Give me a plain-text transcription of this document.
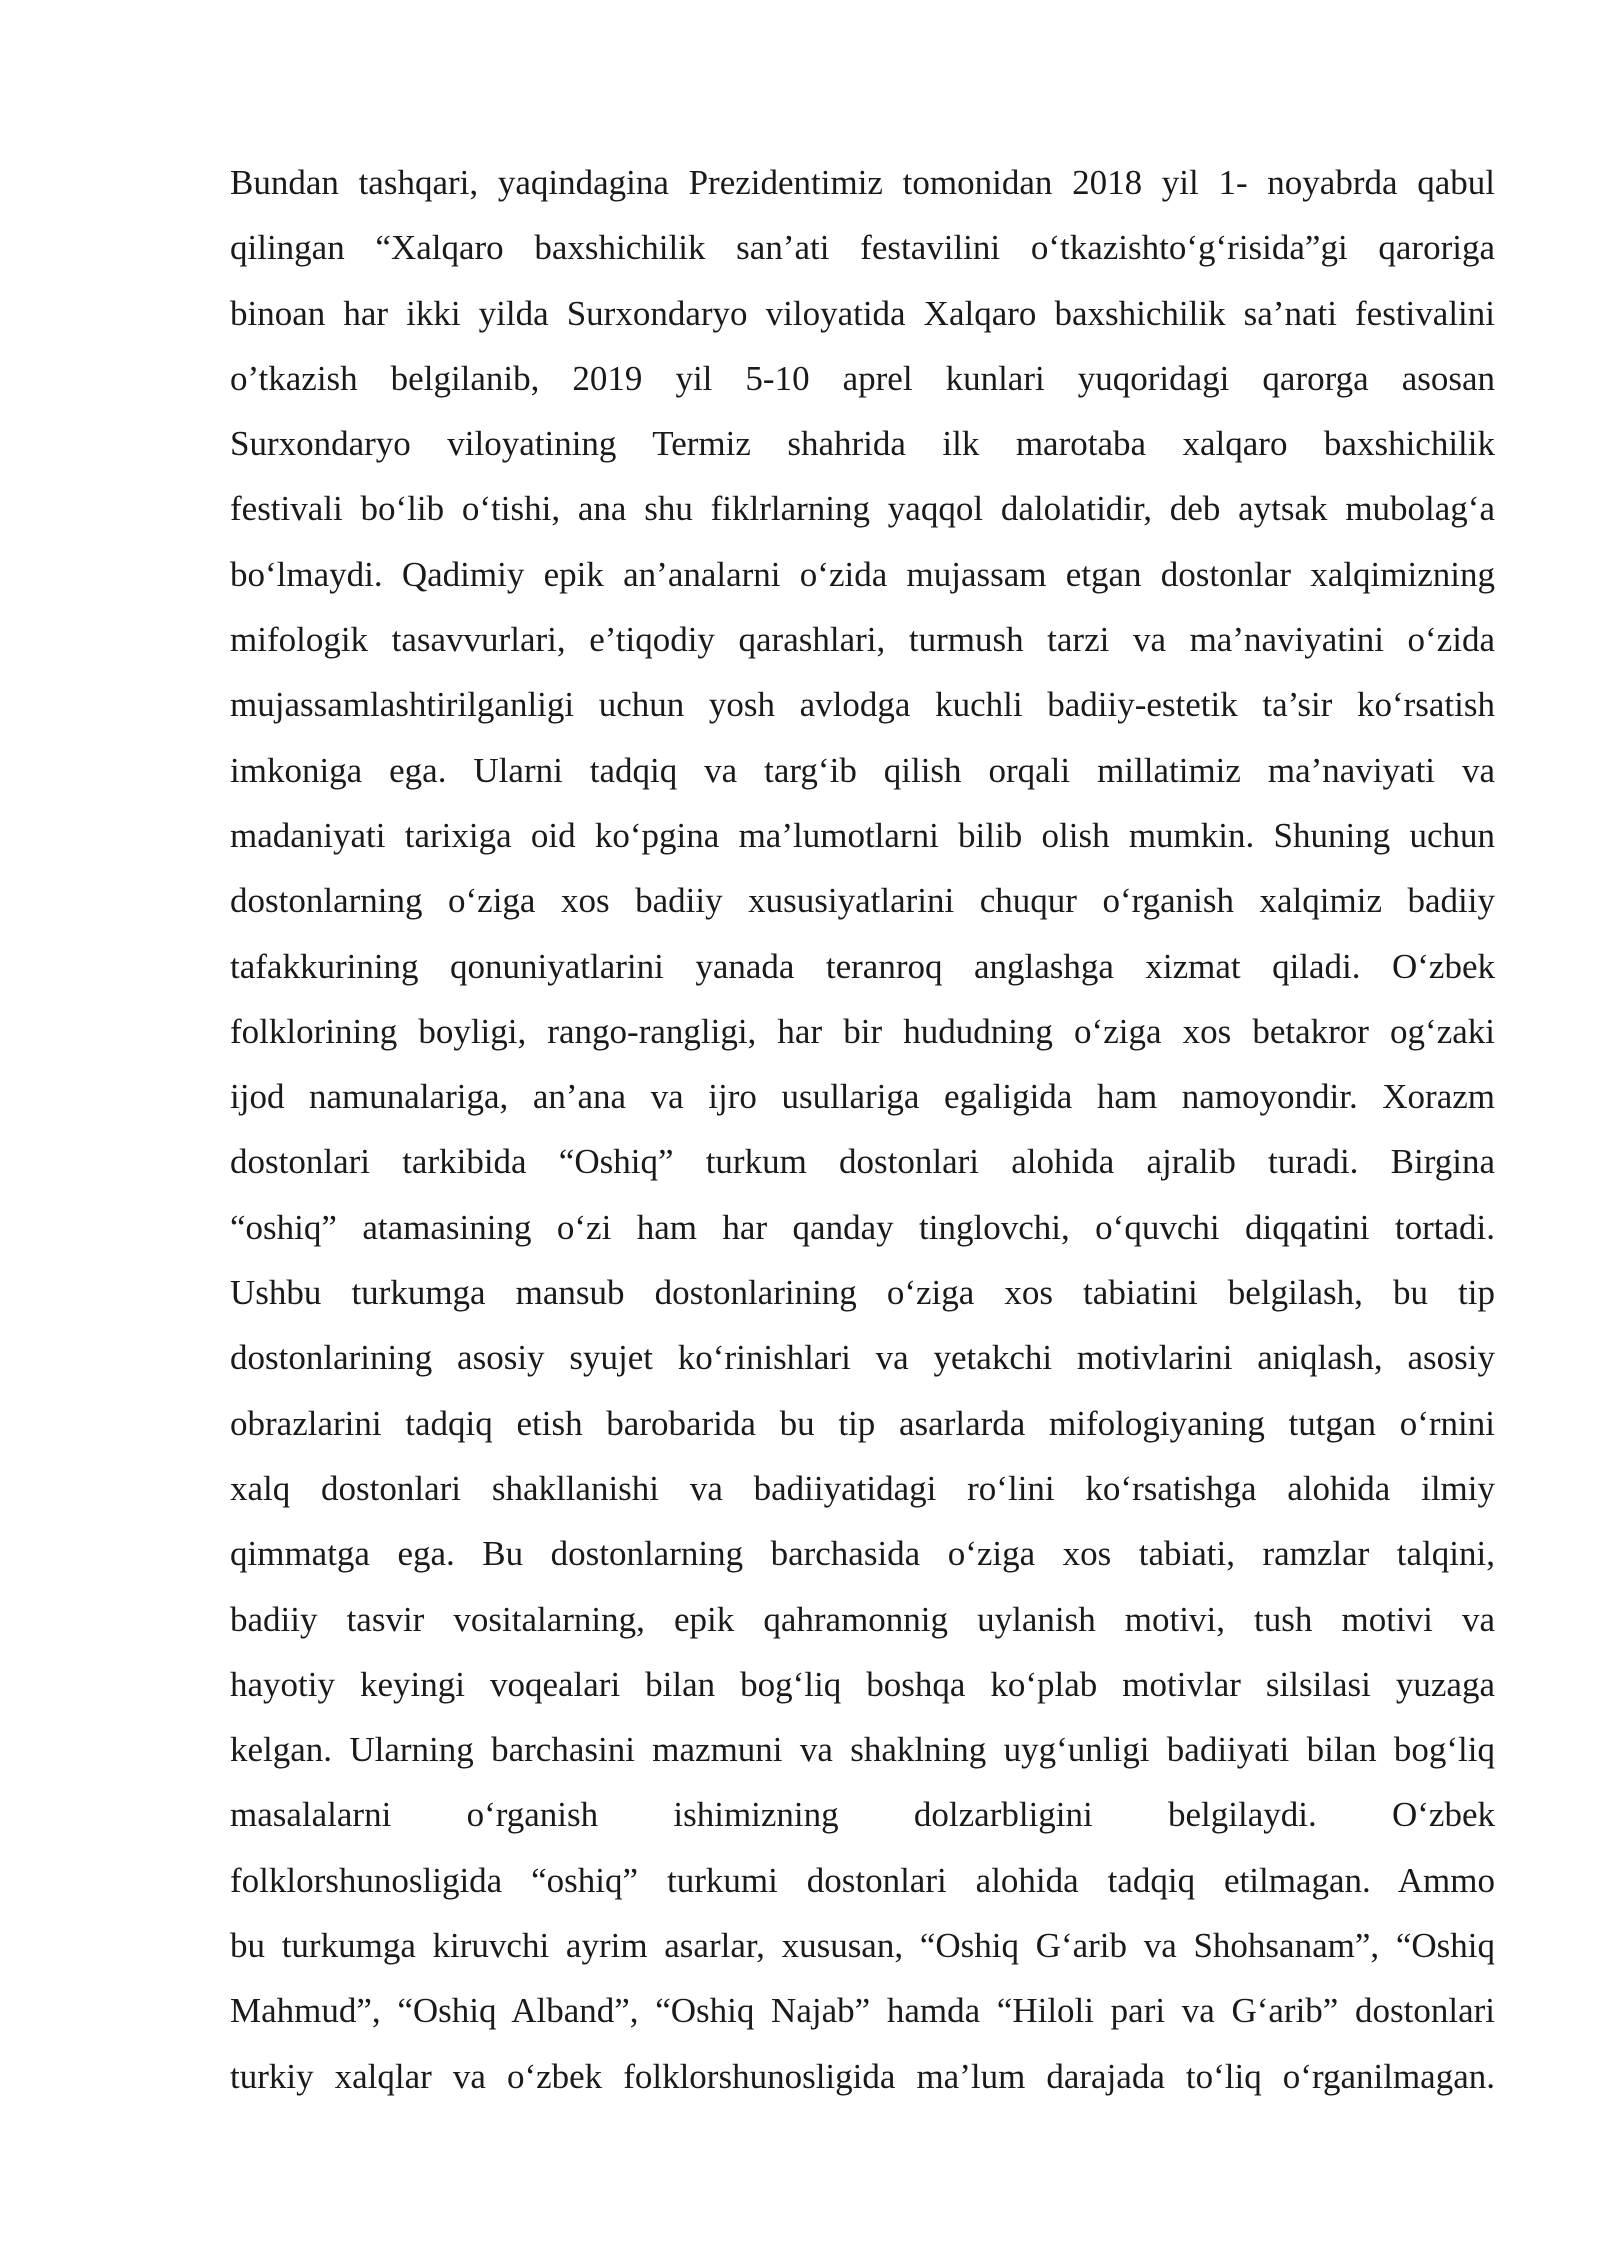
Bundan tashqari, yaqindagina Prezidentimiz tomonidan 2018 yil 1- noyabrda qabul
qilingan “Xalqaro baxshichilik san’ati festavilini o‘tkazishto‘g‘risida”gi qaroriga
binoan har ikki yilda Surxondaryo viloyatida Xalqaro baxshichilik sa’nati festivalini
o’tkazish belgilanib, 2019 yil 5-10 aprel kunlari yuqoridagi qarorga asosan
Surxondaryo viloyatining Termiz shahrida ilk marotaba xalqaro baxshichilik
festivali bo‘lib o‘tishi, ana shu fiklrlarning yaqqol dalolatidir, deb aytsak mubolag‘a
bo‘lmaydi. Qadimiy epik an’analarni o‘zida mujassam etgan dostonlar xalqimizning
mifologik tasavvurlari, e’tiqodiy qarashlari, turmush tarzi va ma’naviyatini o‘zida
mujassamlashtirilganligi uchun yosh avlodga kuchli badiiy-estetik ta’sir ko‘rsatish
imkoniga ega. Ularni tadqiq va targ‘ib qilish orqali millatimiz ma’naviyati va
madaniyati tarixiga oid ko‘pgina ma’lumotlarni bilib olish mumkin. Shuning uchun
dostonlarning o‘ziga xos badiiy xususiyatlarini chuqur o‘rganish xalqimiz badiiy
tafakkurining qonuniyatlarini yanada teranroq anglashga xizmat qiladi. O‘zbek
folklorining boyligi, rango-rangligi, har bir hududning o‘ziga xos betakror og‘zaki
ijod namunalariga, an’ana va ijro usullariga egaligida ham namoyondir. Xorazm
dostonlari tarkibida “Oshiq” turkum dostonlari alohida ajralib turadi. Birgina
“oshiq” atamasining o‘zi ham har qanday tinglovchi, o‘quvchi diqqatini tortadi.
Ushbu turkumga mansub dostonlarining o‘ziga xos tabiatini belgilash, bu tip
dostonlarining asosiy syujet ko‘rinishlari va yetakchi motivlarini aniqlash, asosiy
obrazlarini tadqiq etish barobarida bu tip asarlarda mifologiyaning tutgan o‘rnini
xalq dostonlari shakllanishi va badiiyatidagi ro‘lini ko‘rsatishga alohida ilmiy
qimmatga ega. Bu dostonlarning barchasida o‘ziga xos tabiati, ramzlar talqini,
badiiy tasvir vositalarning, epik qahramonnig uylanish motivi, tush motivi va
hayotiy keyingi voqealari bilan bog‘liq boshqa ko‘plab motivlar silsilasi yuzaga
kelgan. Ularning barchasini mazmuni va shaklning uyg‘unligi badiiyati bilan bog‘liq
masalalarni o‘rganish ishimizning dolzarbligini belgilaydi. O‘zbek
folklorshunosligida “oshiq” turkumi dostonlari alohida tadqiq etilmagan. Ammo
bu turkumga kiruvchi ayrim asarlar, xususan, “Oshiq G‘arib va Shohsanam”, “Oshiq
Mahmud”, “Oshiq Alband”, “Oshiq Najab” hamda “Hiloli pari va G‘arib” dostonlari
turkiy xalqlar va o‘zbek folklorshunosligida ma’lum darajada to‘liq o‘rganilmagan.
